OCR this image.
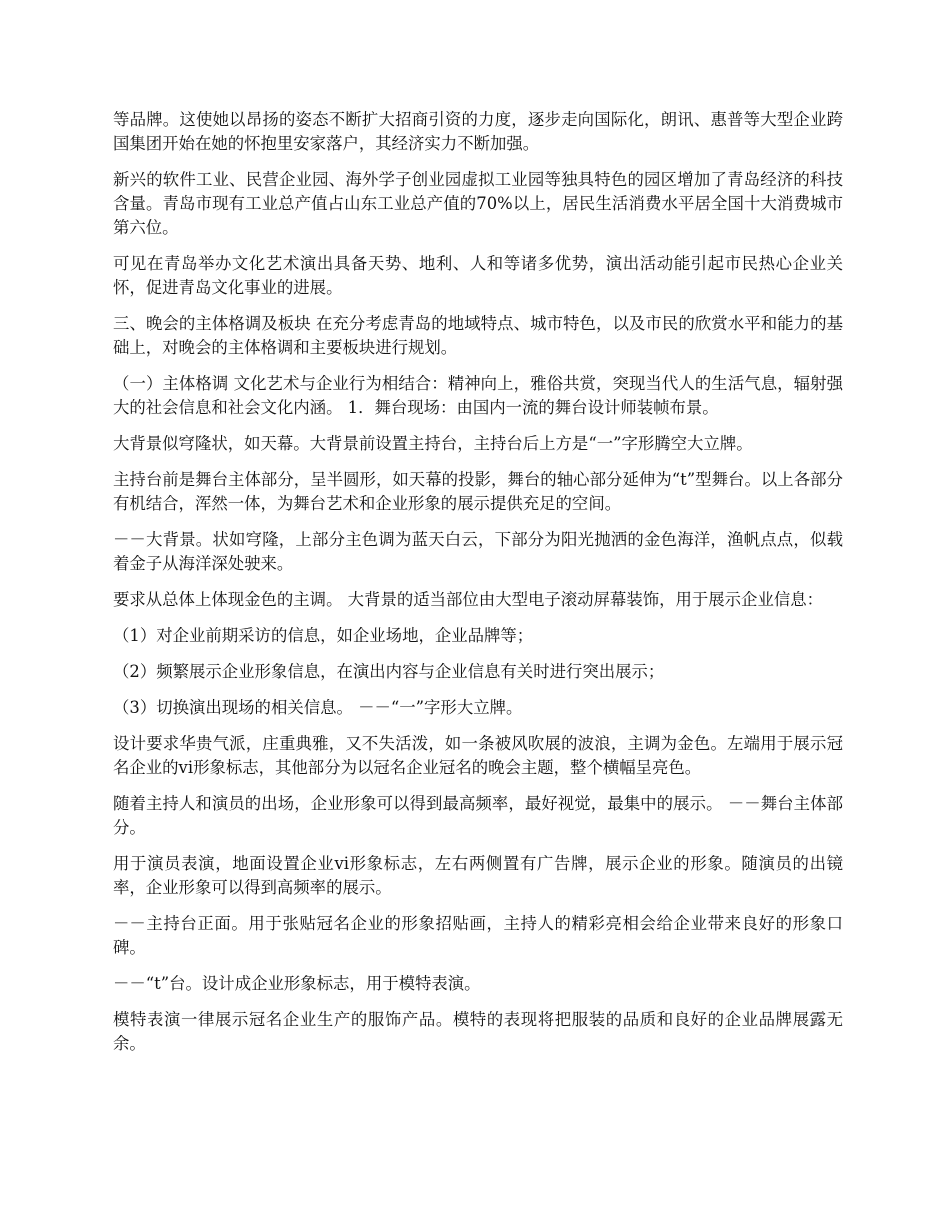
等品牌。这使她以昂扬的姿态不断扩大招商引资的力度，逐步走向国际化，朗讯、惠普等大型企业跨国集团开始在她的怀抱里安家落户，其经济实力不断加强。

新兴的软件工业、民营企业园、海外学子创业园虚拟工业园等独具特色的园区增加了青岛经济的科技含量。青岛市现有工业总产值占山东工业总产值的70%以上，居民生活消费水平居全国十大消费城市第六位。

可见在青岛举办文化艺术演出具备天势、地利、人和等诸多优势，演出活动能引起市民热心企业关怀，促进青岛文化事业的进展。

三、晚会的主体格调及板块 在充分考虑青岛的地域特点、城市特色，以及市民的欣赏水平和能力的基础上，对晚会的主体格调和主要板块进行规划。

（一）主体格调 文化艺术与企业行为相结合：精神向上，雅俗共赏，突现当代人的生活气息，辐射强大的社会信息和社会文化内涵。 1．舞台现场：由国内一流的舞台设计师装帧布景。

大背景似穹隆状，如天幕。大背景前设置主持台，主持台后上方是“一”字形腾空大立牌。

主持台前是舞台主体部分，呈半圆形，如天幕的投影，舞台的轴心部分延伸为“t”型舞台。以上各部分有机结合，浑然一体，为舞台艺术和企业形象的展示提供充足的空间。

－－大背景。状如穹隆，上部分主色调为蓝天白云，下部分为阳光抛洒的金色海洋，渔帆点点，似载着金子从海洋深处驶来。

要求从总体上体现金色的主调。 大背景的适当部位由大型电子滚动屏幕装饰，用于展示企业信息：

（1）对企业前期采访的信息，如企业场地，企业品牌等；

（2）频繁展示企业形象信息，在演出内容与企业信息有关时进行突出展示；

（3）切换演出现场的相关信息。 －－“一”字形大立牌。

设计要求华贵气派，庄重典雅，又不失活泼，如一条被风吹展的波浪，主调为金色。左端用于展示冠名企业的vi形象标志，其他部分为以冠名企业冠名的晚会主题，整个横幅呈亮色。

随着主持人和演员的出场，企业形象可以得到最高频率，最好视觉，最集中的展示。 －－舞台主体部分。

用于演员表演，地面设置企业vi形象标志，左右两侧置有广告牌，展示企业的形象。随演员的出镜率，企业形象可以得到高频率的展示。

－－主持台正面。用于张贴冠名企业的形象招贴画，主持人的精彩亮相会给企业带来良好的形象口碑。

－－“t”台。设计成企业形象标志，用于模特表演。

模特表演一律展示冠名企业生产的服饰产品。模特的表现将把服装的品质和良好的企业品牌展露无余。
